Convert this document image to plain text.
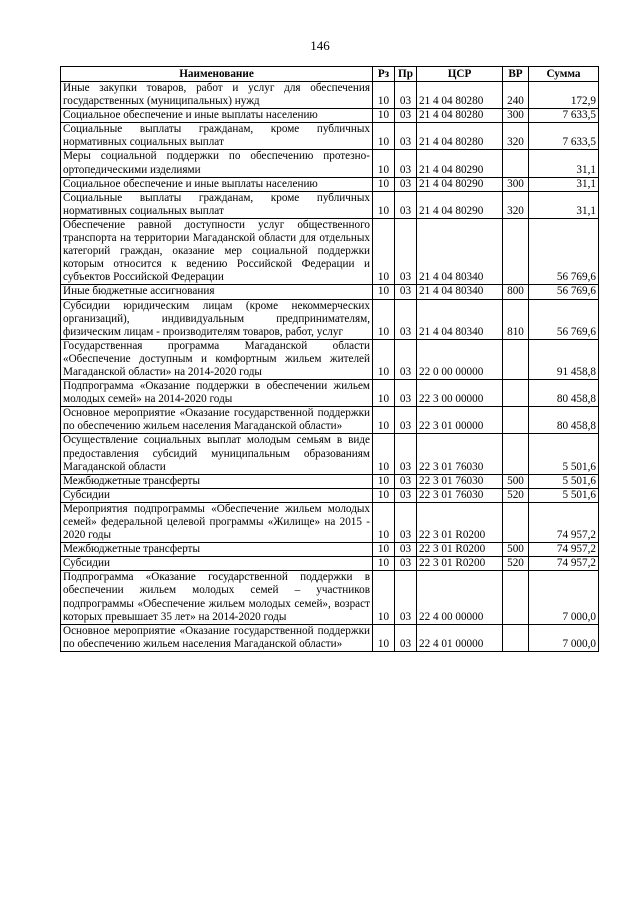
146
Наименование	Рз	Пр	ЦСР	ВР	Сумма
Иные закупки товаров, работ и услуг для обеспечения государственных (муниципальных) нужд	10	03	21 4 04 80280	240	172,9
Социальное обеспечение и иные выплаты населению	10	03	21 4 04 80280	300	7 633,5
Социальные выплаты гражданам, кроме публичных нормативных социальных выплат	10	03	21 4 04 80280	320	7 633,5
Меры социальной поддержки по обеспечению протезно-ортопедическими изделиями	10	03	21 4 04 80290		31,1
Социальное обеспечение и иные выплаты населению	10	03	21 4 04 80290	300	31,1
Социальные выплаты гражданам, кроме публичных нормативных социальных выплат	10	03	21 4 04 80290	320	31,1
Обеспечение равной доступности услуг общественного транспорта на территории Магаданской области для отдельных категорий граждан, оказание мер социальной поддержки которым относится к ведению Российской Федерации и субъектов Российской Федерации	10	03	21 4 04 80340		56 769,6
Иные бюджетные ассигнования	10	03	21 4 04 80340	800	56 769,6
Субсидии юридическим лицам (кроме некоммерческих организаций), индивидуальным предпринимателям, физическим лицам - производителям товаров, работ, услуг	10	03	21 4 04 80340	810	56 769,6
Государственная программа Магаданской области «Обеспечение доступным и комфортным жильем жителей Магаданской области» на 2014-2020 годы	10	03	22 0 00 00000		91 458,8
Подпрограмма «Оказание поддержки в обеспечении жильем молодых семей» на 2014-2020 годы	10	03	22 3 00 00000		80 458,8
Основное мероприятие «Оказание государственной поддержки по обеспечению жильем населения Магаданской области»	10	03	22 3 01 00000		80 458,8
Осуществление социальных выплат молодым семьям в виде предоставления субсидий муниципальным образованиям Магаданской области	10	03	22 3 01 76030		5 501,6
Межбюджетные трансферты	10	03	22 3 01 76030	500	5 501,6
Субсидии	10	03	22 3 01 76030	520	5 501,6
Мероприятия подпрограммы «Обеспечение жильем молодых семей» федеральной целевой программы «Жилище» на 2015 - 2020 годы	10	03	22 3 01 R0200		74 957,2
Межбюджетные трансферты	10	03	22 3 01 R0200	500	74 957,2
Субсидии	10	03	22 3 01 R0200	520	74 957,2
Подпрограмма «Оказание государственной поддержки в обеспечении жильем молодых семей – участников подпрограммы «Обеспечение жильем молодых семей», возраст которых превышает 35 лет» на 2014-2020 годы	10	03	22 4 00 00000		7 000,0
Основное мероприятие «Оказание государственной поддержки по обеспечению жильем населения Магаданской области»	10	03	22 4 01 00000		7 000,0
